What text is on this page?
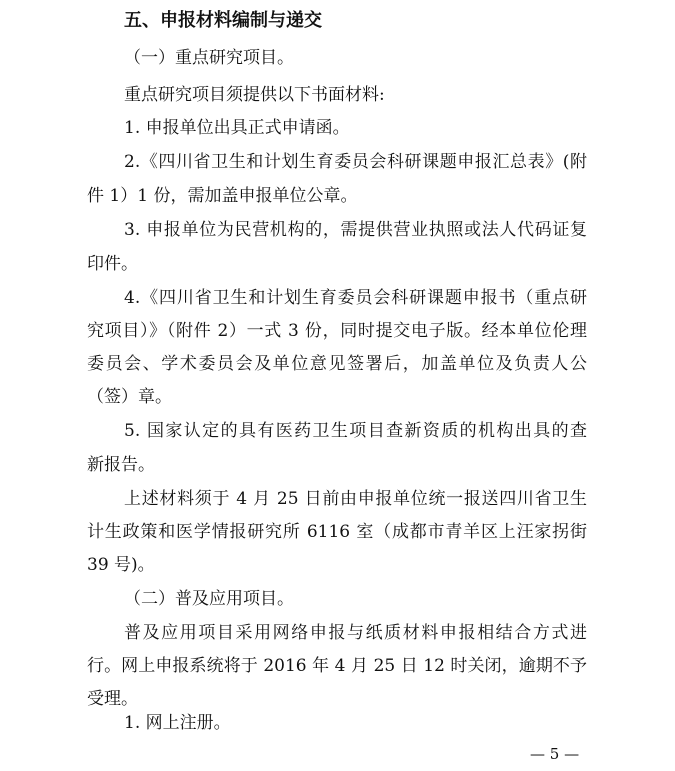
五、申报材料编制与递交

（一）重点研究项目。

重点研究项目须提供以下书面材料:

1. 申报单位出具正式申请函。

2.《四川省卫生和计划生育委员会科研课题申报汇总表》(附

件 1）1 份，需加盖申报单位公章。

3. 申报单位为民营机构的，需提供营业执照或法人代码证复

印件。

4.《四川省卫生和计划生育委员会科研课题申报书（重点研

究项目）》（附件 2）一式 3 份，同时提交电子版。经本单位伦理

委员会、学术委员会及单位意见签署后，加盖单位及负责人公

（签）章。

5. 国家认定的具有医药卫生项目查新资质的机构出具的查

新报告。

上述材料须于 4 月 25 日前由申报单位统一报送四川省卫生

计生政策和医学情报研究所 6116 室（成都市青羊区上汪家拐街

39 号)。

（二）普及应用项目。

普及应用项目采用网络申报与纸质材料申报相结合方式进

行。网上申报系统将于 2016 年 4 月 25 日 12 时关闭，逾期不予

受理。

1. 网上注册。

— 5 —
